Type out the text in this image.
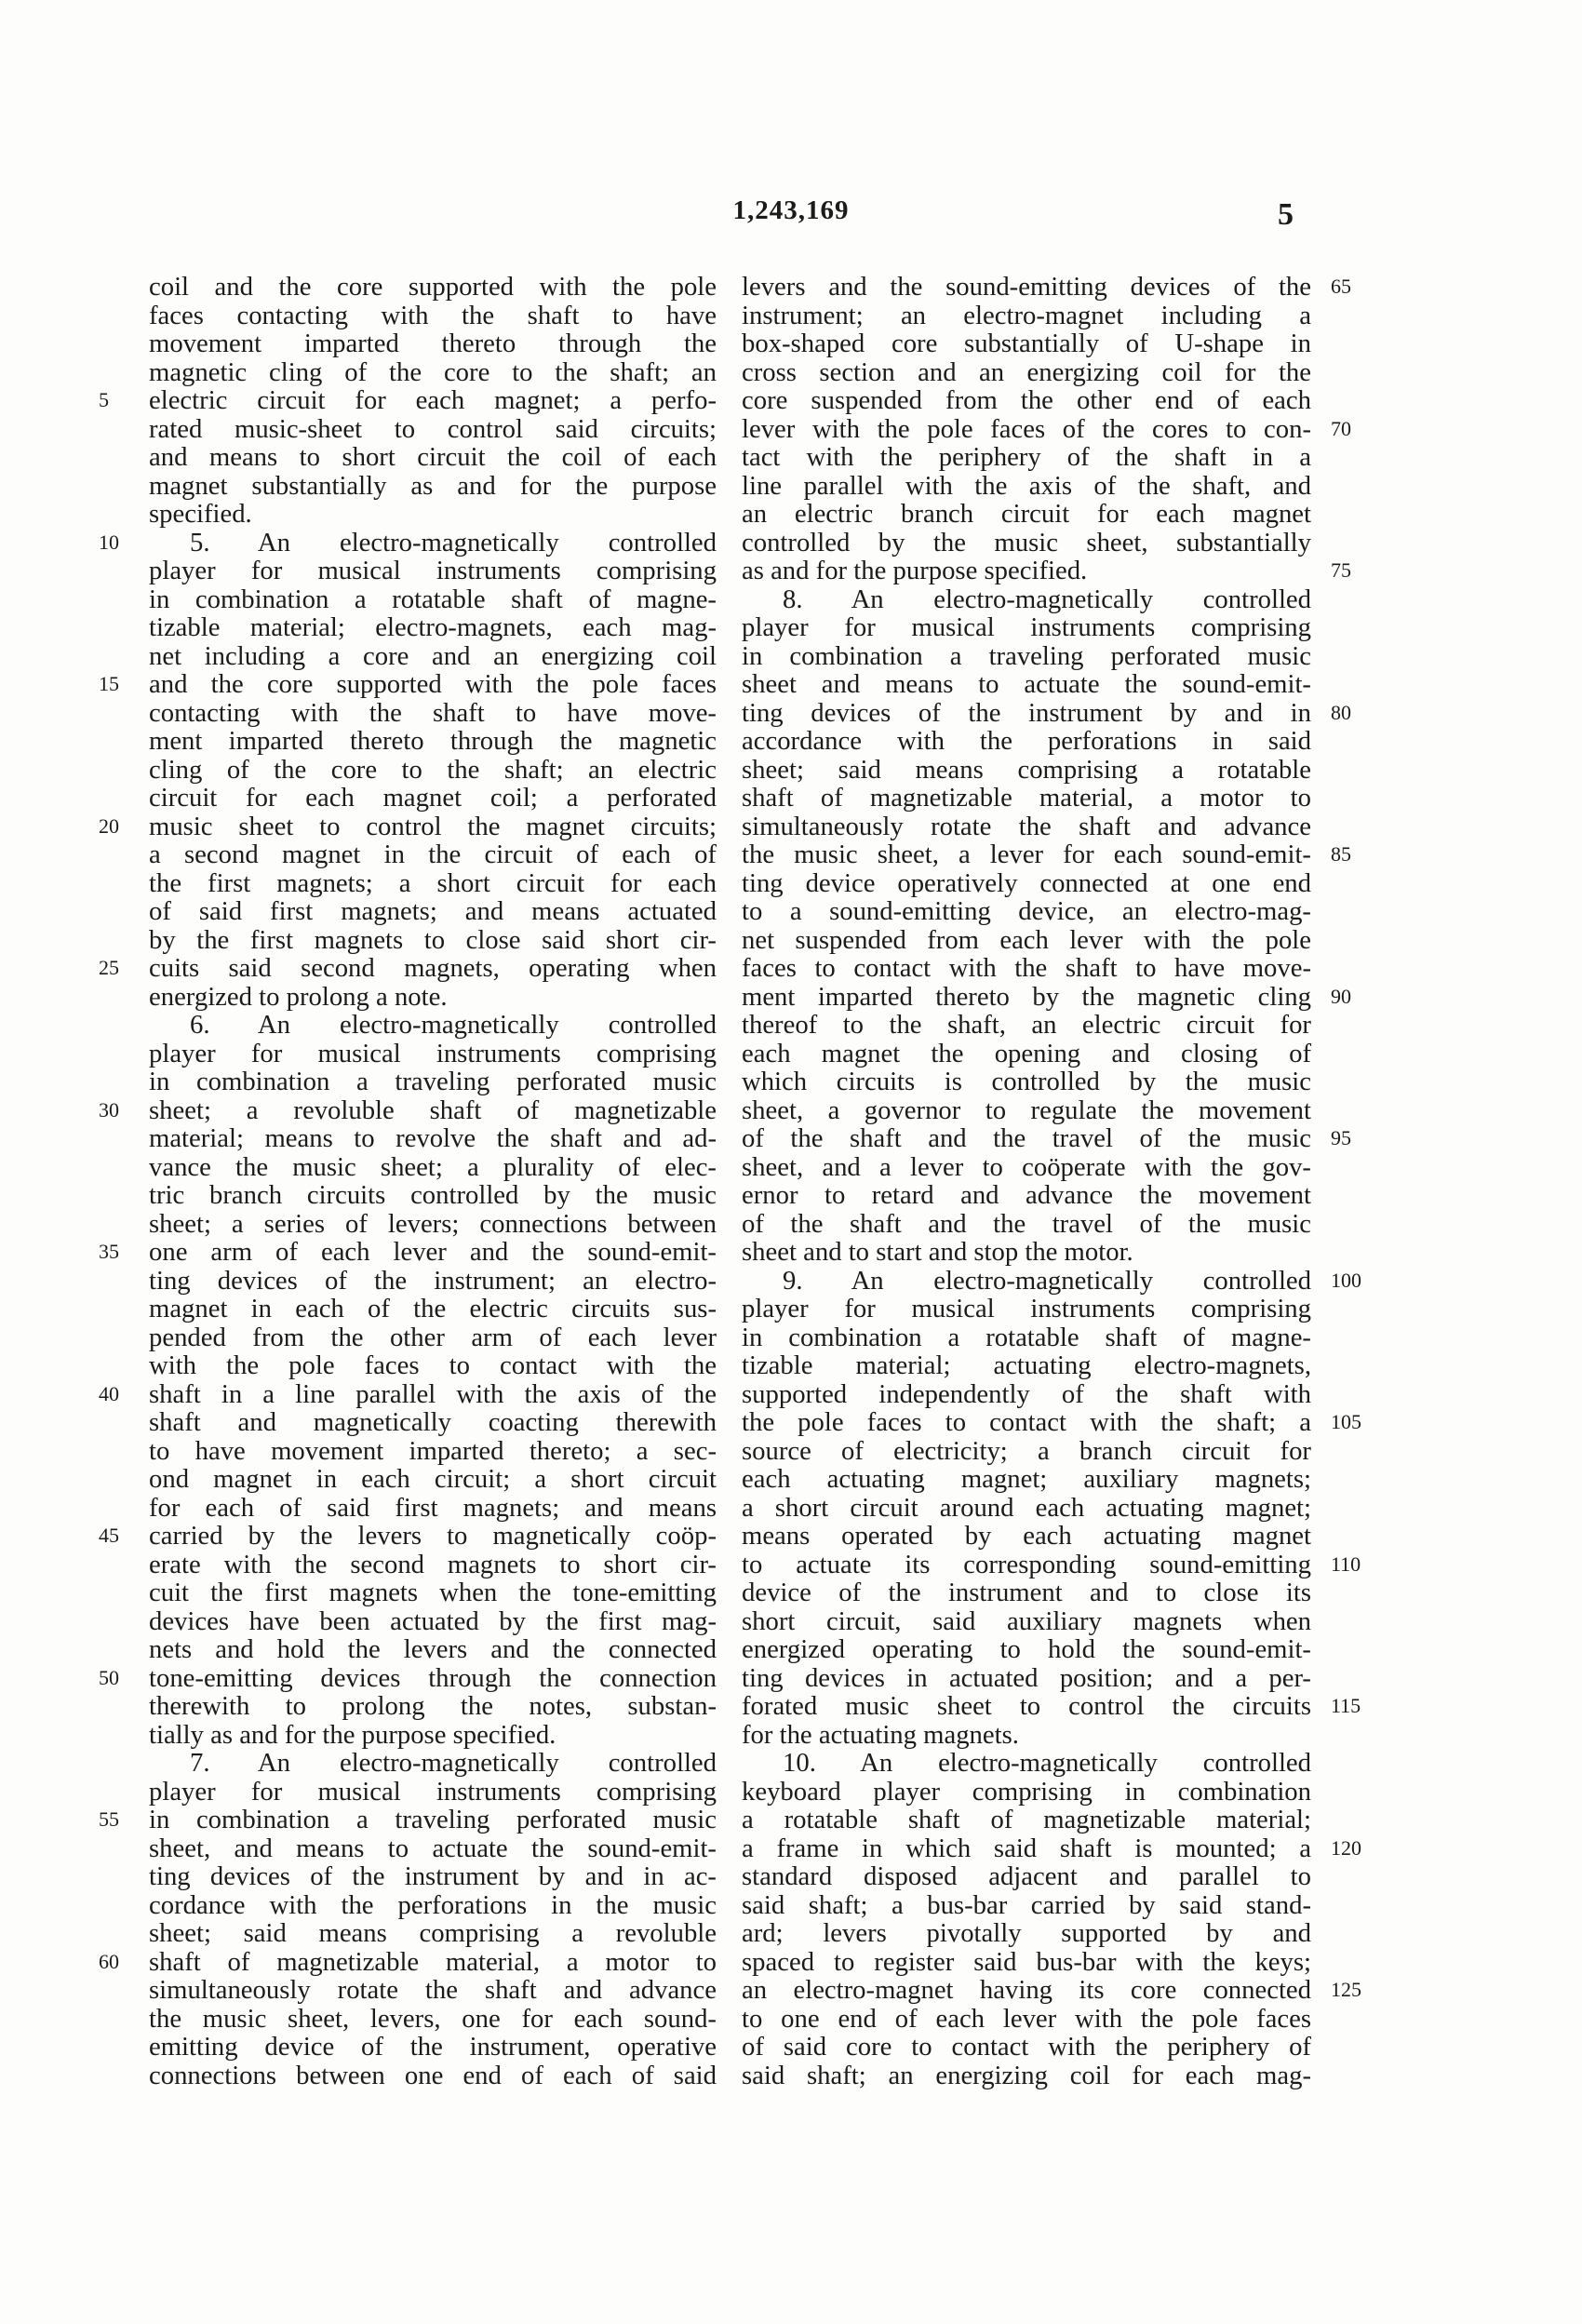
1,243,169	5
coil and the core supported with the pole
faces contacting with the shaft to have
movement imparted thereto through the
magnetic cling of the core to the shaft; an
electric circuit for each magnet; a perfo-
rated music-sheet to control said circuits;
and means to short circuit the coil of each
magnet substantially as and for the purpose
specified.
5. An electro-magnetically controlled
player for musical instruments comprising
in combination a rotatable shaft of magne-
tizable material; electro-magnets, each mag-
net including a core and an energizing coil
and the core supported with the pole faces
contacting with the shaft to have move-
ment imparted thereto through the magnetic
cling of the core to the shaft; an electric
circuit for each magnet coil; a perforated
music sheet to control the magnet circuits;
a second magnet in the circuit of each of
the first magnets; a short circuit for each
of said first magnets; and means actuated
by the first magnets to close said short cir-
cuits said second magnets, operating when
energized to prolong a note.
6. An electro-magnetically controlled
player for musical instruments comprising
in combination a traveling perforated music
sheet; a revoluble shaft of magnetizable
material; means to revolve the shaft and ad-
vance the music sheet; a plurality of elec-
tric branch circuits controlled by the music
sheet; a series of levers; connections between
one arm of each lever and the sound-emit-
ting devices of the instrument; an electro-
magnet in each of the electric circuits sus-
pended from the other arm of each lever
with the pole faces to contact with the
shaft in a line parallel with the axis of the
shaft and magnetically coacting therewith
to have movement imparted thereto; a sec-
ond magnet in each circuit; a short circuit
for each of said first magnets; and means
carried by the levers to magnetically coöp-
erate with the second magnets to short cir-
cuit the first magnets when the tone-emitting
devices have been actuated by the first mag-
nets and hold the levers and the connected
tone-emitting devices through the connection
therewith to prolong the notes, substan-
tially as and for the purpose specified.
7. An electro-magnetically controlled
player for musical instruments comprising
in combination a traveling perforated music
sheet, and means to actuate the sound-emit-
ting devices of the instrument by and in ac-
cordance with the perforations in the music
sheet; said means comprising a revoluble
shaft of magnetizable material, a motor to
simultaneously rotate the shaft and advance
the music sheet, levers, one for each sound-
emitting device of the instrument, operative
connections between one end of each of said
levers and the sound-emitting devices of the
instrument; an electro-magnet including a
box-shaped core substantially of U-shape in
cross section and an energizing coil for the
core suspended from the other end of each
lever with the pole faces of the cores to con-
tact with the periphery of the shaft in a
line parallel with the axis of the shaft, and
an electric branch circuit for each magnet
controlled by the music sheet, substantially
as and for the purpose specified.
8. An electro-magnetically controlled
player for musical instruments comprising
in combination a traveling perforated music
sheet and means to actuate the sound-emit-
ting devices of the instrument by and in
accordance with the perforations in said
sheet; said means comprising a rotatable
shaft of magnetizable material, a motor to
simultaneously rotate the shaft and advance
the music sheet, a lever for each sound-emit-
ting device operatively connected at one end
to a sound-emitting device, an electro-mag-
net suspended from each lever with the pole
faces to contact with the shaft to have move-
ment imparted thereto by the magnetic cling
thereof to the shaft, an electric circuit for
each magnet the opening and closing of
which circuits is controlled by the music
sheet, a governor to regulate the movement
of the shaft and the travel of the music
sheet, and a lever to coöperate with the gov-
ernor to retard and advance the movement
of the shaft and the travel of the music
sheet and to start and stop the motor.
9. An electro-magnetically controlled
player for musical instruments comprising
in combination a rotatable shaft of magne-
tizable material; actuating electro-magnets,
supported independently of the shaft with
the pole faces to contact with the shaft; a
source of electricity; a branch circuit for
each actuating magnet; auxiliary magnets;
a short circuit around each actuating magnet;
means operated by each actuating magnet
to actuate its corresponding sound-emitting
device of the instrument and to close its
short circuit, said auxiliary magnets when
energized operating to hold the sound-emit-
ting devices in actuated position; and a per-
forated music sheet to control the circuits
for the actuating magnets.
10. An electro-magnetically controlled
keyboard player comprising in combination
a rotatable shaft of magnetizable material;
a frame in which said shaft is mounted; a
standard disposed adjacent and parallel to
said shaft; a bus-bar carried by said stand-
ard; levers pivotally supported by and
spaced to register said bus-bar with the keys;
an electro-magnet having its core connected
to one end of each lever with the pole faces
of said core to contact with the periphery of
said shaft; an energizing coil for each mag-
5
10
15
20
25
30
35
40
45
50
55
60
65
70
75
80
85
90
95
100
105
110
115
120
125
